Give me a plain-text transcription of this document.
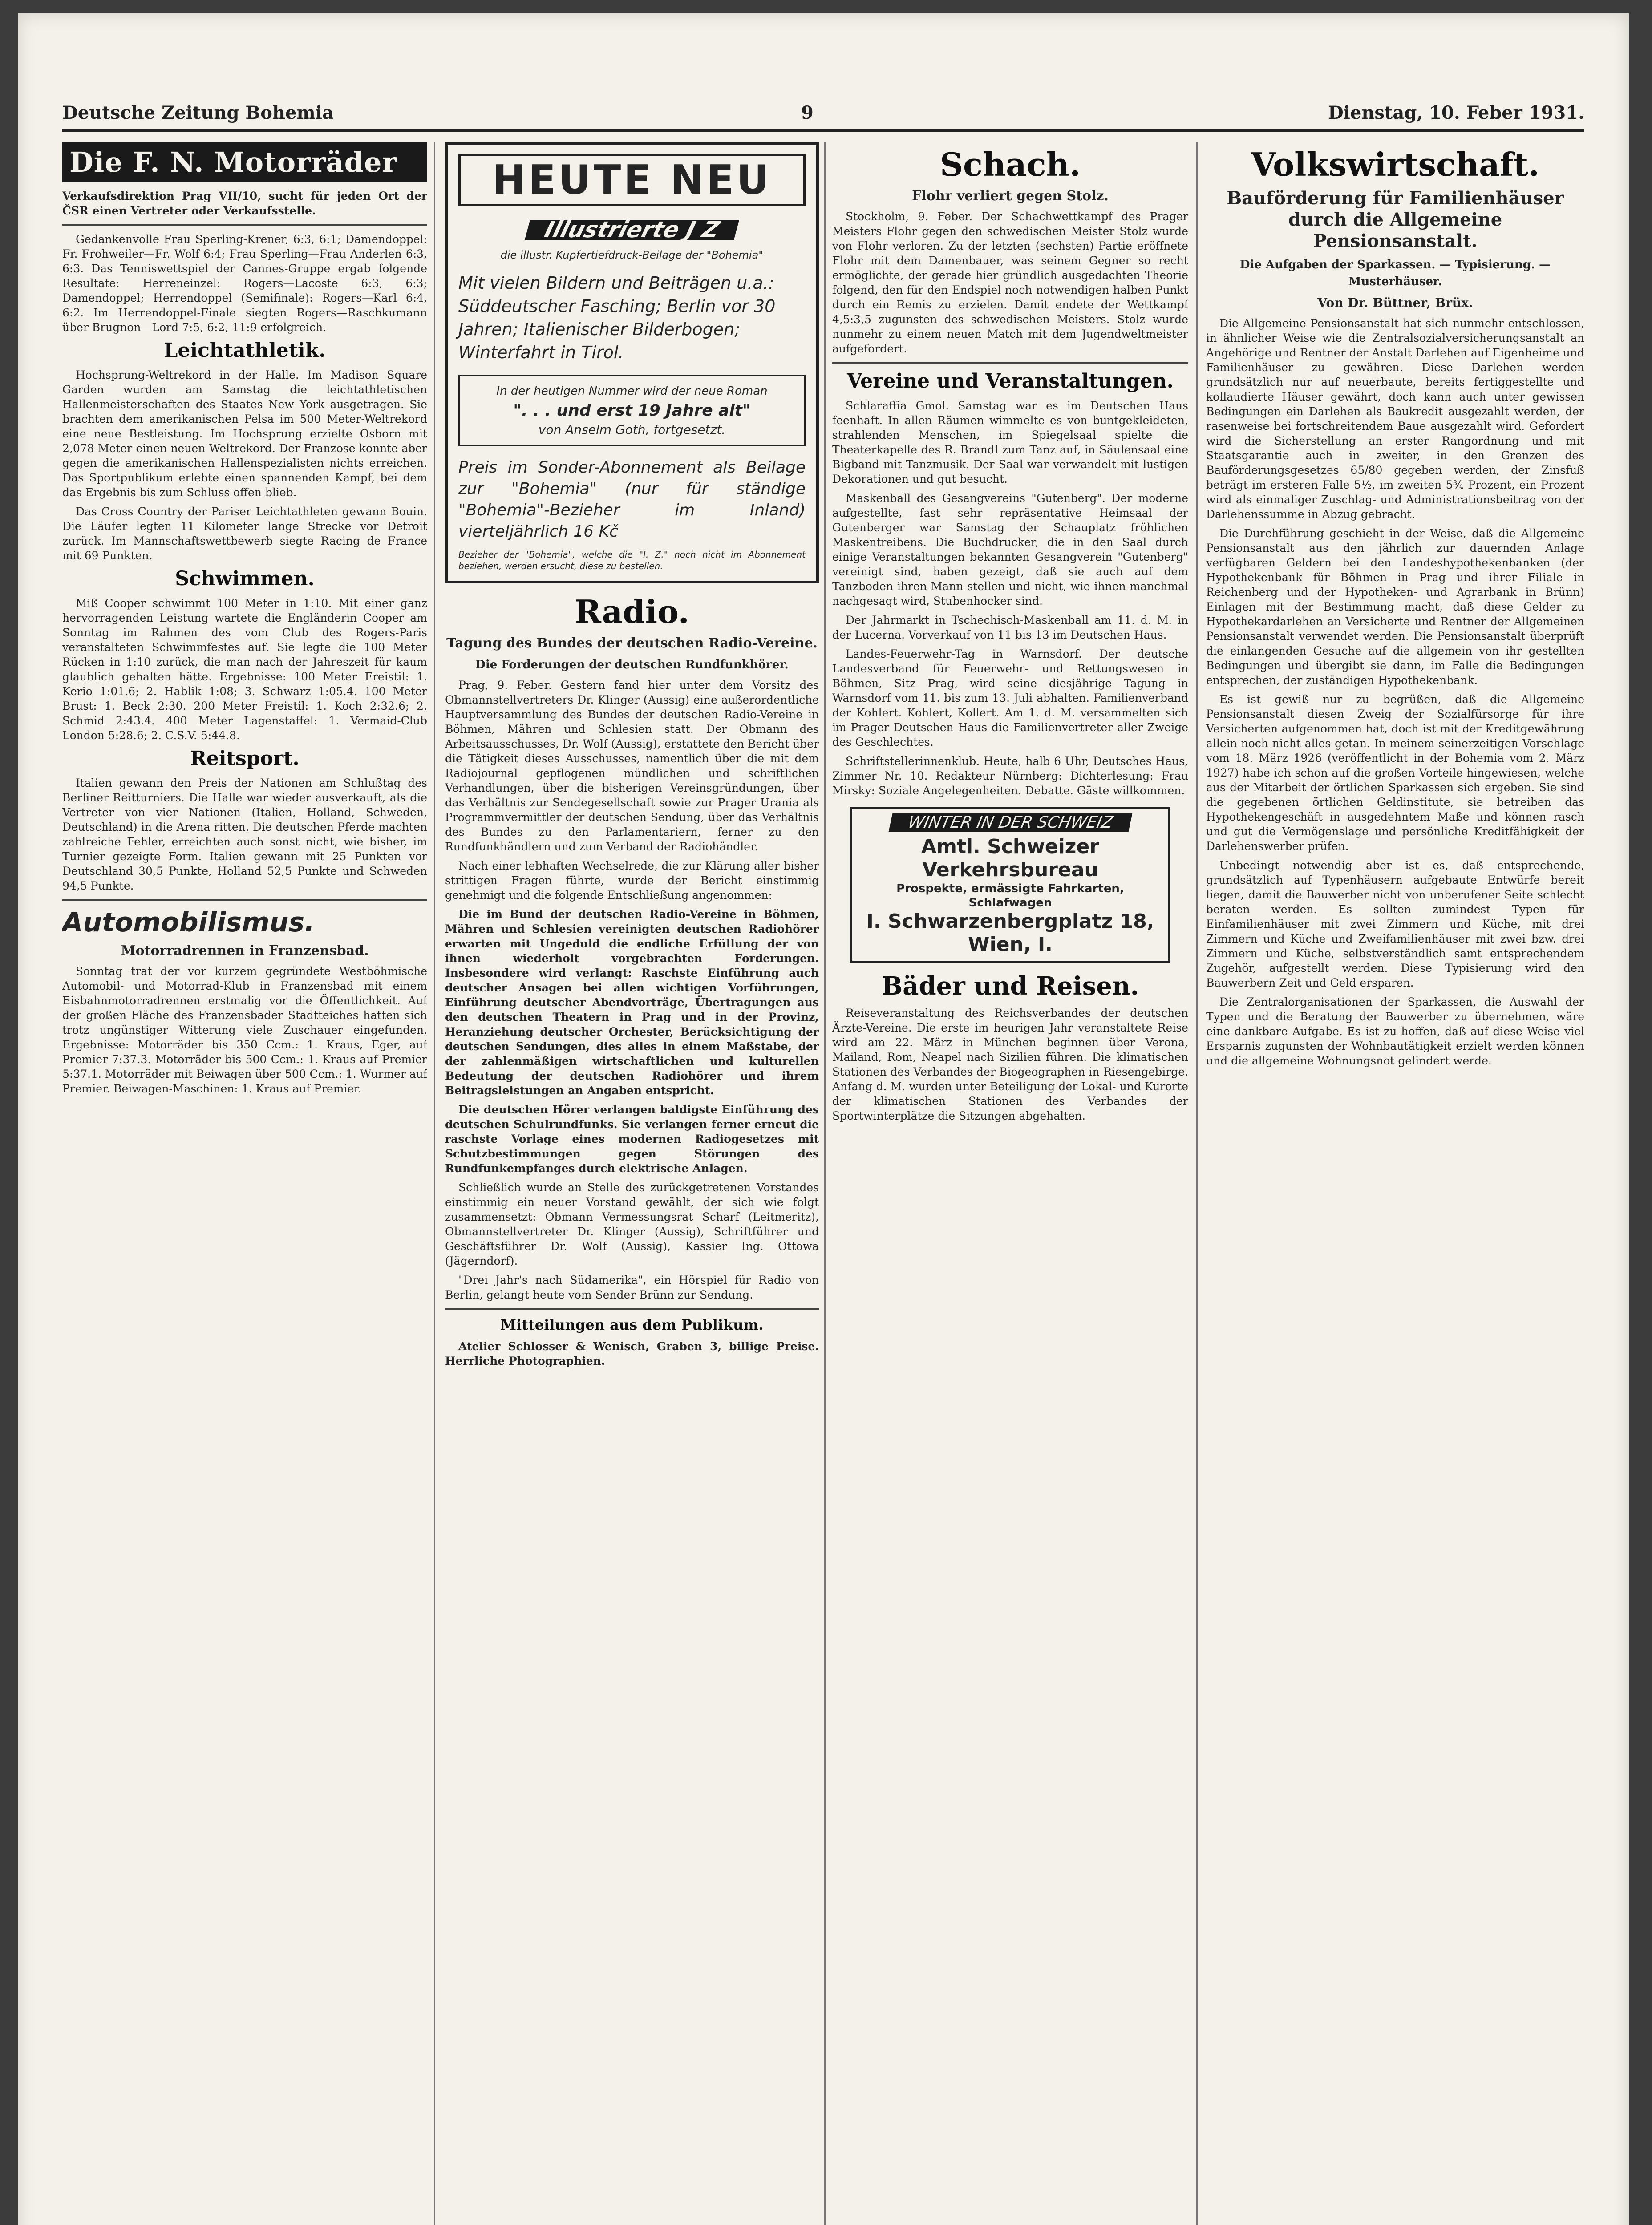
Deutsche Zeitung Bohemia	9	Dienstag, 10. Feber 1931.
Die F. N. Motorräder

Verkaufsdirektion Prag VII/10, sucht für jeden Ort der ČSR einen Vertreter oder Verkaufsstelle.

Gedankenvolle Frau Sperling-Krener, 6:3, 6:1; Damendoppel: Fr. Frohweiler—Fr. Wolf 6:4; Frau Sperling—Frau Anderlen 6:3, 6:3. Das Tenniswettspiel der Cannes-Gruppe ergab folgende Resultate: Herreneinzel: Rogers—Lacoste 6:3, 6:3; Damendoppel; Herrendoppel (Semifinale): Rogers—Karl 6:4, 6:2. Im Herrendoppel-Finale siegten Rogers—Raschkumann über Brugnon—Lord 7:5, 6:2, 11:9 erfolgreich.

Leichtathletik.

Hochsprung-Weltrekord in der Halle. Im Madison Square Garden wurden am Samstag die leichtathletischen Hallenmeisterschaften des Staates New York ausgetragen. Sie brachten dem amerikanischen Pelsa im 500 Meter-Weltrekord eine neue Bestleistung. Im Hochsprung erzielte Osborn mit 2,078 Meter einen neuen Weltrekord. Der Franzose konnte aber gegen die amerikanischen Hallenspezialisten nichts erreichen. Das Sportpublikum erlebte einen spannenden Kampf, bei dem das Ergebnis bis zum Schluss offen blieb.

Das Cross Country der Pariser Leichtathleten gewann Bouin. Die Läufer legten 11 Kilometer lange Strecke vor Detroit zurück. Im Mannschaftswettbewerb siegte Racing de France mit 69 Punkten.

Schwimmen.

Miß Cooper schwimmt 100 Meter in 1:10. Mit einer ganz hervorragenden Leistung wartete die Engländerin Cooper am Sonntag im Rahmen des vom Club des Rogers-Paris veranstalteten Schwimmfestes auf. Sie legte die 100 Meter Rücken in 1:10 zurück, die man nach der Jahreszeit für kaum glaublich gehalten hätte. Ergebnisse: 100 Meter Freistil: 1. Kerio 1:01.6; 2. Hablik 1:08; 3. Schwarz 1:05.4. 100 Meter Brust: 1. Beck 2:30. 200 Meter Freistil: 1. Koch 2:32.6; 2. Schmid 2:43.4. 400 Meter Lagenstaffel: 1. Vermaid-Club London 5:28.6; 2. C.S.V. 5:44.8.

Reitsport.

Italien gewann den Preis der Nationen am Schlußtag des Berliner Reitturniers. Die Halle war wieder ausverkauft, als die Vertreter von vier Nationen (Italien, Holland, Schweden, Deutschland) in die Arena ritten. Die deutschen Pferde machten zahlreiche Fehler, erreichten auch sonst nicht, wie bisher, im Turnier gezeigte Form. Italien gewann mit 25 Punkten vor Deutschland 30,5 Punkte, Holland 52,5 Punkte und Schweden 94,5 Punkte.

Automobilismus.
Motorradrennen in Franzensbad.

Sonntag trat der vor kurzem gegründete Westböhmische Automobil- und Motorrad-Klub in Franzensbad mit einem Eisbahnmotorradrennen erstmalig vor die Öffentlichkeit. Auf der großen Fläche des Franzensbader Stadtteiches hatten sich trotz ungünstiger Witterung viele Zuschauer eingefunden. Ergebnisse: Motorräder bis 350 Ccm.: 1. Kraus, Eger, auf Premier 7:37.3. Motorräder bis 500 Ccm.: 1. Kraus auf Premier 5:37.1. Motorräder mit Beiwagen über 500 Ccm.: 1. Wurmer auf Premier. Beiwagen-Maschinen: 1. Kraus auf Premier.

HEUTE NEU
Illustrierte J Z
die illustr. Kupfertiefdruck-Beilage der "Bohemia"
Mit vielen Bildern und Beiträgen u.a.: Süddeutscher Fasching; Berlin vor 30 Jahren; Italienischer Bilderbogen; Winterfahrt in Tirol.
In der heutigen Nummer wird der neue Roman
". . . und erst 19 Jahre alt"
von Anselm Goth, fortgesetzt.
Preis im Sonder-Abonnement als Beilage zur "Bohemia" (nur für ständige "Bohemia"-Bezieher im Inland) vierteljährlich 16 Kč
Bezieher der "Bohemia", welche die "I. Z." noch nicht im Abonnement beziehen, werden ersucht, diese zu bestellen.
Radio.
Tagung des Bundes der deutschen Radio-Vereine.
Die Forderungen der deutschen Rundfunkhörer.

Prag, 9. Feber. Gestern fand hier unter dem Vorsitz des Obmannstellvertreters Dr. Klinger (Aussig) eine außerordentliche Hauptversammlung des Bundes der deutschen Radio-Vereine in Böhmen, Mähren und Schlesien statt. Der Obmann des Arbeitsausschusses, Dr. Wolf (Aussig), erstattete den Bericht über die Tätigkeit dieses Ausschusses, namentlich über die mit dem Radiojournal gepflogenen mündlichen und schriftlichen Verhandlungen, über die bisherigen Vereinsgründungen, über das Verhältnis zur Sendegesellschaft sowie zur Prager Urania als Programmvermittler der deutschen Sendung, über das Verhältnis des Bundes zu den Parlamentariern, ferner zu den Rundfunkhändlern und zum Verband der Radiohändler.

Nach einer lebhaften Wechselrede, die zur Klärung aller bisher strittigen Fragen führte, wurde der Bericht einstimmig genehmigt und die folgende Entschließung angenommen:

Die im Bund der deutschen Radio-Vereine in Böhmen, Mähren und Schlesien vereinigten deutschen Radiohörer erwarten mit Ungeduld die endliche Erfüllung der von ihnen wiederholt vorgebrachten Forderungen. Insbesondere wird verlangt: Raschste Einführung auch deutscher Ansagen bei allen wichtigen Vorführungen, Einführung deutscher Abendvorträge, Übertragungen aus den deutschen Theatern in Prag und in der Provinz, Heranziehung deutscher Orchester, Berücksichtigung der deutschen Sendungen, dies alles in einem Maßstabe, der der zahlenmäßigen wirtschaftlichen und kulturellen Bedeutung der deutschen Radiohörer und ihrem Beitragsleistungen an Angaben entspricht.

Die deutschen Hörer verlangen baldigste Einführung des deutschen Schulrundfunks. Sie verlangen ferner erneut die raschste Vorlage eines modernen Radiogesetzes mit Schutzbestimmungen gegen Störungen des Rundfunkempfanges durch elektrische Anlagen.

Schließlich wurde an Stelle des zurückgetretenen Vorstandes einstimmig ein neuer Vorstand gewählt, der sich wie folgt zusammensetzt: Obmann Vermessungsrat Scharf (Leitmeritz), Obmannstellvertreter Dr. Klinger (Aussig), Schriftführer und Geschäftsführer Dr. Wolf (Aussig), Kassier Ing. Ottowa (Jägerndorf).

"Drei Jahr's nach Südamerika", ein Hörspiel für Radio von Berlin, gelangt heute vom Sender Brünn zur Sendung.

Mitteilungen aus dem Publikum.

Atelier Schlosser & Wenisch, Graben 3, billige Preise. Herrliche Photographien.

Schach.
Flohr verliert gegen Stolz.

Stockholm, 9. Feber. Der Schachwettkampf des Prager Meisters Flohr gegen den schwedischen Meister Stolz wurde von Flohr verloren. Zu der letzten (sechsten) Partie eröffnete Flohr mit dem Damenbauer, was seinem Gegner so recht ermöglichte, der gerade hier gründlich ausgedachten Theorie folgend, den für den Endspiel noch notwendigen halben Punkt durch ein Remis zu erzielen. Damit endete der Wettkampf 4,5:3,5 zugunsten des schwedischen Meisters. Stolz wurde nunmehr zu einem neuen Match mit dem Jugendweltmeister aufgefordert.

Vereine und Veranstaltungen.

Schlaraffia Gmol. Samstag war es im Deutschen Haus feenhaft. In allen Räumen wimmelte es von buntgekleideten, strahlenden Menschen, im Spiegelsaal spielte die Theaterkapelle des R. Brandl zum Tanz auf, in Säulensaal eine Bigband mit Tanzmusik. Der Saal war verwandelt mit lustigen Dekorationen und gut besucht.

Maskenball des Gesangvereins "Gutenberg". Der moderne aufgestellte, fast sehr repräsentative Heimsaal der Gutenberger war Samstag der Schauplatz fröhlichen Maskentreibens. Die Buchdrucker, die in den Saal durch einige Veranstaltungen bekannten Gesangverein "Gutenberg" vereinigt sind, haben gezeigt, daß sie auch auf dem Tanzboden ihren Mann stellen und nicht, wie ihnen manchmal nachgesagt wird, Stubenhocker sind.

Der Jahrmarkt in Tschechisch-Maskenball am 11. d. M. in der Lucerna. Vorverkauf von 11 bis 13 im Deutschen Haus.

Landes-Feuerwehr-Tag in Warnsdorf. Der deutsche Landesverband für Feuerwehr- und Rettungswesen in Böhmen, Sitz Prag, wird seine diesjährige Tagung in Warnsdorf vom 11. bis zum 13. Juli abhalten. Familienverband der Kohlert. Kohlert, Kollert. Am 1. d. M. versammelten sich im Prager Deutschen Haus die Familienvertreter aller Zweige des Geschlechtes.

Schriftstellerinnenklub. Heute, halb 6 Uhr, Deutsches Haus, Zimmer Nr. 10. Redakteur Nürnberg: Dichterlesung: Frau Mirsky: Soziale Angelegenheiten. Debatte. Gäste willkommen.

WINTER IN DER SCHWEIZ
Amtl. Schweizer Verkehrsbureau
Prospekte, ermässigte Fahrkarten, Schlafwagen
I. Schwarzenbergplatz 18, Wien, I.
Bäder und Reisen.

Reiseveranstaltung des Reichsverbandes der deutschen Ärzte-Vereine. Die erste im heurigen Jahr veranstaltete Reise wird am 22. März in München beginnen über Verona, Mailand, Rom, Neapel nach Sizilien führen. Die klimatischen Stationen des Verbandes der Biogeographen in Riesengebirge. Anfang d. M. wurden unter Beteiligung der Lokal- und Kurorte der klimatischen Stationen des Verbandes der Sportwinterplätze die Sitzungen abgehalten.

Volkswirtschaft.
Bauförderung für Familienhäuser durch die Allgemeine Pensionsanstalt.
Die Aufgaben der Sparkassen. — Typisierung. — Musterhäuser.
Von Dr. Büttner, Brüx.

Die Allgemeine Pensionsanstalt hat sich nunmehr entschlossen, in ähnlicher Weise wie die Zentralsozialversicherungsanstalt an Angehörige und Rentner der Anstalt Darlehen auf Eigenheime und Familienhäuser zu gewähren. Diese Darlehen werden grundsätzlich nur auf neuerbaute, bereits fertiggestellte und kollaudierte Häuser gewährt, doch kann auch unter gewissen Bedingungen ein Darlehen als Baukredit ausgezahlt werden, der rasenweise bei fortschreitendem Baue ausgezahlt wird. Gefordert wird die Sicherstellung an erster Rangordnung und mit Staatsgarantie auch in zweiter, in den Grenzen des Bauförderungsgesetzes 65/80 gegeben werden, der Zinsfuß beträgt im ersteren Falle 5½, im zweiten 5¾ Prozent, ein Prozent wird als einmaliger Zuschlag- und Administrationsbeitrag von der Darlehenssumme in Abzug gebracht.

Die Durchführung geschieht in der Weise, daß die Allgemeine Pensionsanstalt aus den jährlich zur dauernden Anlage verfügbaren Geldern bei den Landeshypothekenbanken (der Hypothekenbank für Böhmen in Prag und ihrer Filiale in Reichenberg und der Hypotheken- und Agrarbank in Brünn) Einlagen mit der Bestimmung macht, daß diese Gelder zu Hypothekardarlehen an Versicherte und Rentner der Allgemeinen Pensionsanstalt verwendet werden. Die Pensionsanstalt überprüft die einlangenden Gesuche auf die allgemein von ihr gestellten Bedingungen und übergibt sie dann, im Falle die Bedingungen entsprechen, der zuständigen Hypothekenbank.

Es ist gewiß nur zu begrüßen, daß die Allgemeine Pensionsanstalt diesen Zweig der Sozialfürsorge für ihre Versicherten aufgenommen hat, doch ist mit der Kreditgewährung allein noch nicht alles getan. In meinem seinerzeitigen Vorschlage vom 18. März 1926 (veröffentlicht in der Bohemia vom 2. März 1927) habe ich schon auf die großen Vorteile hingewiesen, welche aus der Mitarbeit der örtlichen Sparkassen sich ergeben. Sie sind die gegebenen örtlichen Geldinstitute, sie betreiben das Hypothekengeschäft in ausgedehntem Maße und können rasch und gut die Vermögenslage und persönliche Kreditfähigkeit der Darlehenswerber prüfen.

Unbedingt notwendig aber ist es, daß entsprechende, grundsätzlich auf Typenhäusern aufgebaute Entwürfe bereit liegen, damit die Bauwerber nicht von unberufener Seite schlecht beraten werden. Es sollten zumindest Typen für Einfamilienhäuser mit zwei Zimmern und Küche, mit drei Zimmern und Küche und Zweifamilienhäuser mit zwei bzw. drei Zimmern und Küche, selbstverständlich samt entsprechendem Zugehör, aufgestellt werden. Diese Typisierung wird den Bauwerbern Zeit und Geld ersparen.

Die Zentralorganisationen der Sparkassen, die Auswahl der Typen und die Beratung der Bauwerber zu übernehmen, wäre eine dankbare Aufgabe. Es ist zu hoffen, daß auf diese Weise viel Ersparnis zugunsten der Wohnbautätigkeit erzielt werden können und die allgemeine Wohnungsnot gelindert werde.
